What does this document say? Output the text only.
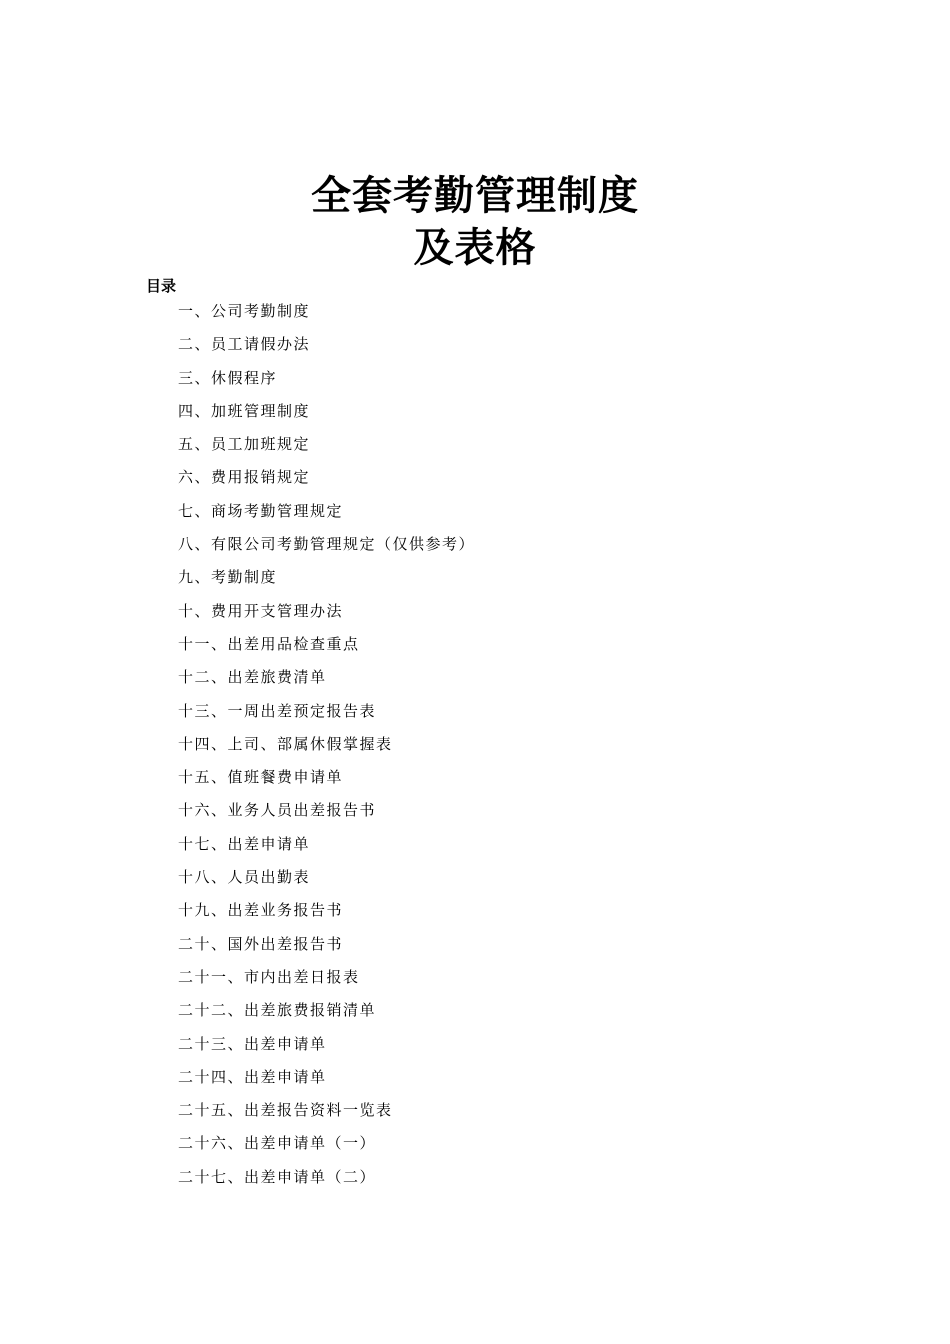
全套考勤管理制度
及表格
目录
一、公司考勤制度
二、员工请假办法
三、休假程序
四、加班管理制度
五、员工加班规定
六、费用报销规定
七、商场考勤管理规定
八、有限公司考勤管理规定（仅供参考）
九、考勤制度
十、费用开支管理办法
十一、出差用品检查重点
十二、出差旅费清单
十三、一周出差预定报告表
十四、上司、部属休假掌握表
十五、值班餐费申请单
十六、业务人员出差报告书
十七、出差申请单
十八、人员出勤表
十九、出差业务报告书
二十、国外出差报告书
二十一、市内出差日报表
二十二、出差旅费报销清单
二十三、出差申请单
二十四、出差申请单
二十五、出差报告资料一览表
二十六、出差申请单（一）
二十七、出差申请单（二）
